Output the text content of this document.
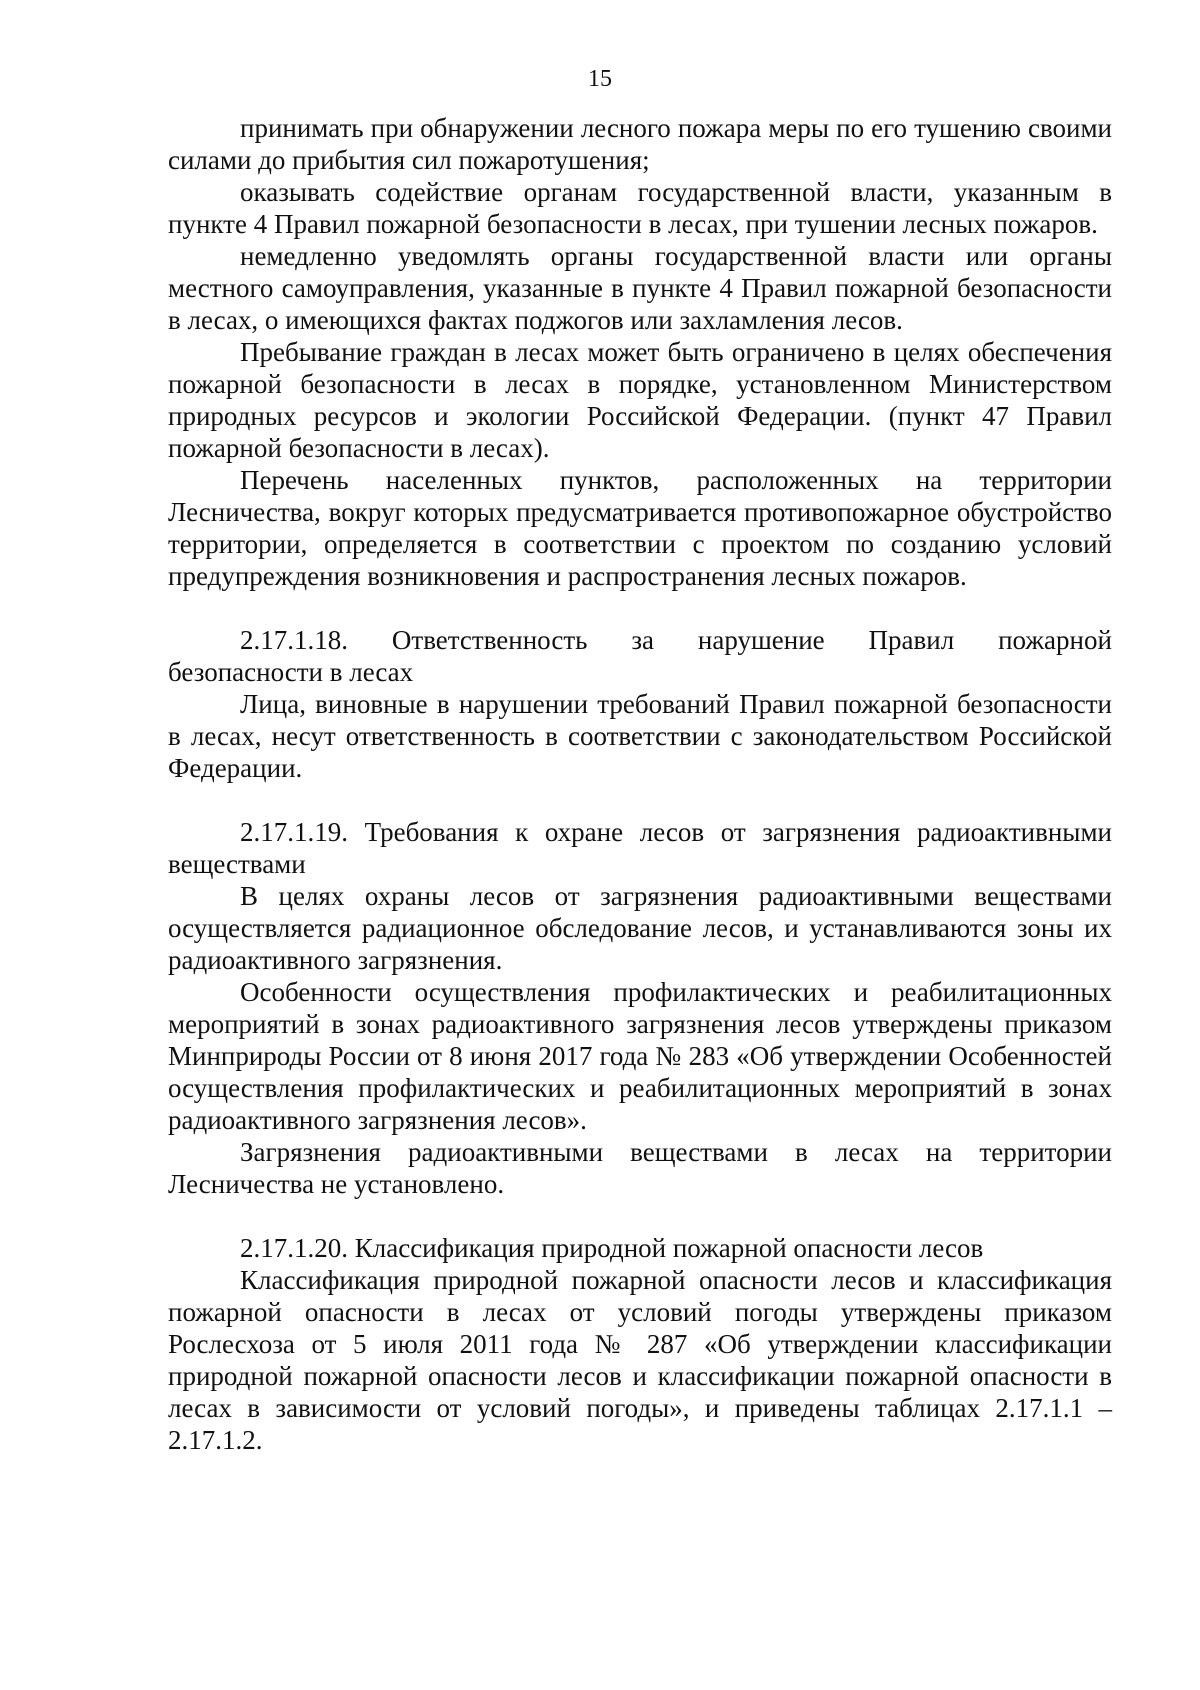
15

принимать при обнаружении лесного пожара меры по его тушению своими силами до прибытия сил пожаротушения;

оказывать содействие органам государственной власти, указанным в пункте 4 Правил пожарной безопасности в лесах, при тушении лесных пожаров.

немедленно уведомлять органы государственной власти или органы местного самоуправления, указанные в пункте 4 Правил пожарной безопасности в лесах, о имеющихся фактах поджогов или захламления лесов.

Пребывание граждан в лесах может быть ограничено в целях обеспечения пожарной безопасности в лесах в порядке, установленном Министерством природных ресурсов и экологии Российской Федерации. (пункт 47 Правил пожарной безопасности в лесах).

Перечень населенных пунктов, расположенных на территории Лесничества, вокруг которых предусматривается противопожарное обустройство территории, определяется в соответствии с проектом по созданию условий предупреждения возникновения и распространения лесных пожаров.

2.17.1.18. Ответственность за нарушение Правил пожарной

безопасности в лесах

Лица, виновные в нарушении требований Правил пожарной безопасности в лесах, несут ответственность в соответствии с законодательством Российской Федерации.

2.17.1.19. Требования к охране лесов от загрязнения радиоактивными веществами

В целях охраны лесов от загрязнения радиоактивными веществами осуществляется радиационное обследование лесов, и устанавливаются зоны их радиоактивного загрязнения.

Особенности осуществления профилактических и реабилитационных мероприятий в зонах радиоактивного загрязнения лесов утверждены приказом Минприроды России от 8 июня 2017 года № 283 «Об утверждении Особенностей осуществления профилактических и реабилитационных мероприятий в зонах радиоактивного загрязнения лесов».

Загрязнения радиоактивными веществами в лесах на территории Лесничества не установлено.

2.17.1.20. Классификация природной пожарной опасности лесов

Классификация природной пожарной опасности лесов и классификация пожарной опасности в лесах от условий погоды утверждены приказом Рослесхоза от 5 июля 2011 года № 287 «Об утверждении классификации природной пожарной опасности лесов и классификации пожарной опасности в лесах в зависимости от условий погоды», и приведены таблицах 2.17.1.1 – 2.17.1.2.
